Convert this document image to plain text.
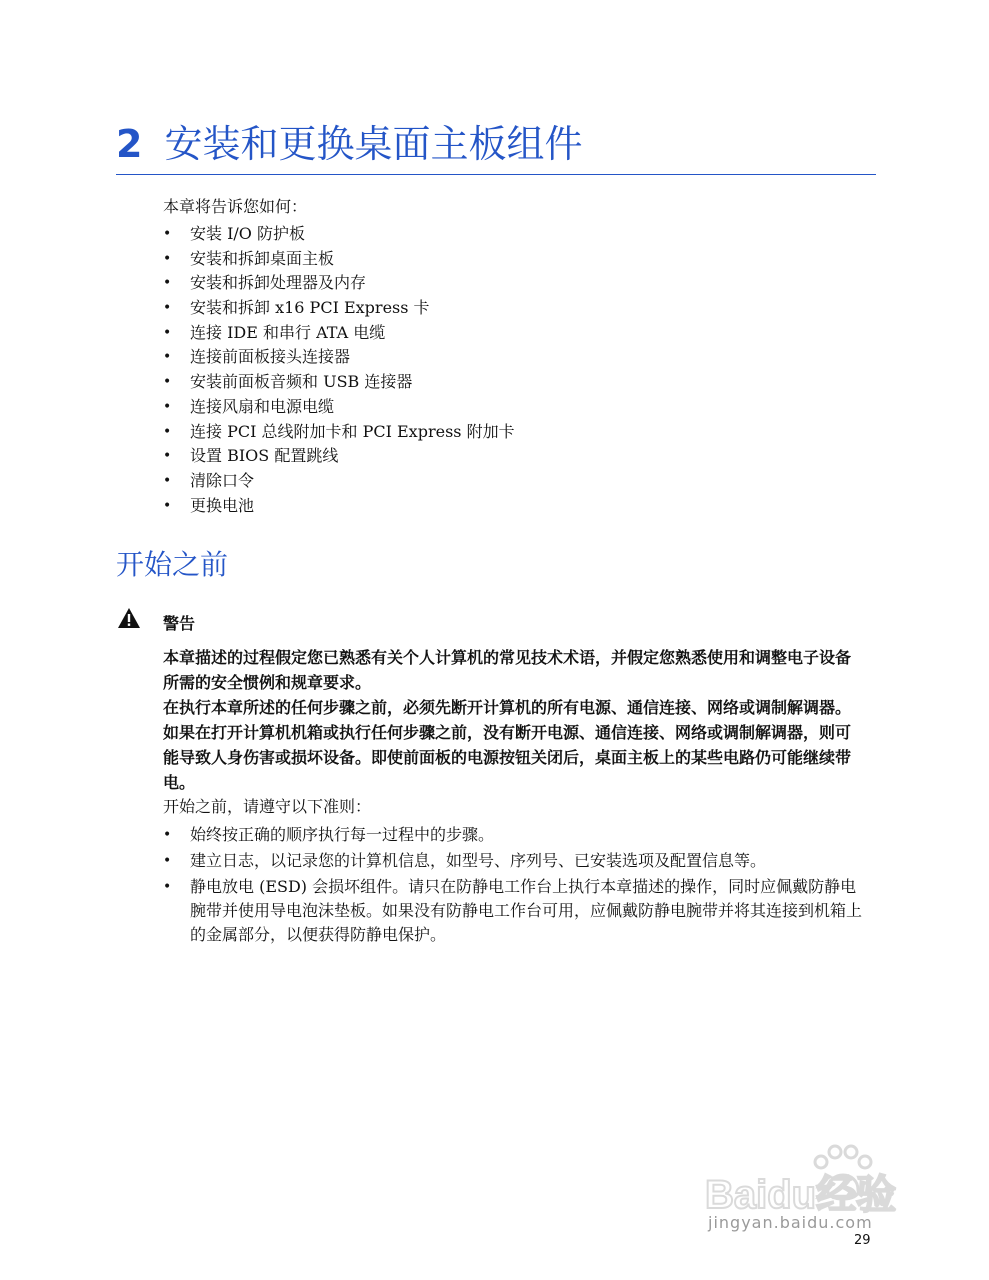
2 安装和更换桌面主板组件
本章将告诉您如何：
• 安装 I/O 防护板
• 安装和拆卸桌面主板
• 安装和拆卸处理器及内存
• 安装和拆卸 x16 PCI Express 卡
• 连接 IDE 和串行 ATA 电缆
• 连接前面板接头连接器
• 安装前面板音频和 USB 连接器
• 连接风扇和电源电缆
• 连接 PCI 总线附加卡和 PCI Express 附加卡
• 设置 BIOS 配置跳线
• 清除口令
• 更换电池
开始之前
警告
本章描述的过程假定您已熟悉有关个人计算机的常见技术术语，并假定您熟悉使用和调整电子设备所需的安全惯例和规章要求。
在执行本章所述的任何步骤之前，必须先断开计算机的所有电源、通信连接、网络或调制解调器。如果在打开计算机机箱或执行任何步骤之前，没有断开电源、通信连接、网络或调制解调器，则可能导致人身伤害或损坏设备。即使前面板的电源按钮关闭后，桌面主板上的某些电路仍可能继续带电。
开始之前，请遵守以下准则：
• 始终按正确的顺序执行每一过程中的步骤。
• 建立日志，以记录您的计算机信息，如型号、序列号、已安装选项及配置信息等。
• 静电放电 (ESD) 会损坏组件。请只在防静电工作台上执行本章描述的操作，同时应佩戴防静电腕带并使用导电泡沫垫板。如果没有防静电工作台可用，应佩戴防静电腕带并将其连接到机箱上的金属部分，以便获得防静电保护。
Baidu经验
jingyan.baidu.com
29
